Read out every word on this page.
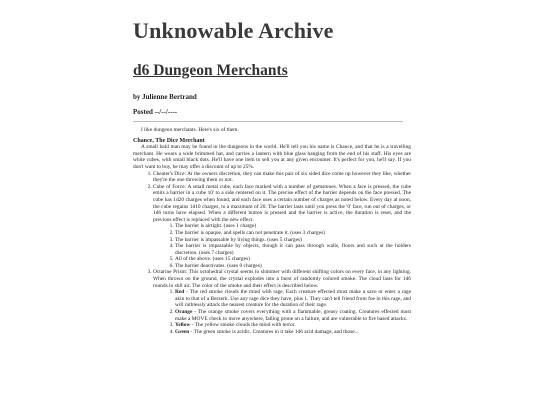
Unknowable Archive
d6 Dungeon Merchants

by Julienne Bertrand

Posted --/--/----

I like dungeon merchants. Here's six of them.

Chance, The Dice Merchant

A small bald man may be found in the dungeons in the world. He'll tell you his name is Chance, and that he is a travelling merchant. He wears a wide brimmed hat, and carries a lantern with blue glass hanging from the end of his staff. His eyes are white cubes, with small black dots. He'll have one item to sell you at any given encounter. It's perfect for you, he'll say. If you don't want to buy, he may offer a discount of up to 25%.

1. Cheater's Dice: At the owners discretion, they can make this pair of six sided dice come up however they like, whether they're the one throwing them or not.
2. Cube of Force: A small metal cube, each face marked with a number of gemstones. When a face is pressed, the cube emits a barrier in a cube 10' to a side centered on it. The precise effect of the barrier depends on the face pressed. The cube has 1d20 charges when found, and each face uses a certain number of charges as noted below. Every day at noon, the cube regains 1d10 charges, to a maximum of 20. The barrier lasts until you press the '0' face, run out of charges, or 1d6 turns have elapsed. When a different button is pressed and the barrier is active, the duration is reset, and the previous effect is replaced with the new effect.
1. The barrier is airtight. (uses 1 charge)
2. The barrier is opaque, and spells can not penetrate it. (uses 3 charges)
3. The barrier is impassable by living things. (uses 5 charges)
4. The barrier is impassable by objects, though it can pass through walls, floors and such at the holders discretion. (uses 7 charges)
5. All of the above. (uses 15 charges)
6. The barrier deactivates. (uses 0 charges)
3. Octarine Prism: This octohedral crystal seems to shimmer with different shifting colors on every face, in any lighting. When thrown on the ground, the crystal explodes into a burst of randomly colored smoke. The cloud lasts for 1d6 rounds in still air. The color of the smoke and their effect is described below.
1. Red - The red smoke clouds the mind with rage. Each creature effected must make a save or enter a rage akin to that of a Berzerk. Use any rage dice they have, plus 1. They can't tell friend from foe in this rage, and will ruthlessly attack the nearest creature for the duration of their rage.
2. Orange - The orange smoke covers everything with a flammable, greasy coating. Creatures effected must make a MOVE check to move anywhere, falling prone on a failure, and are vulnerable to fire based attacks.
3. Yellow - The yellow smoke clouds the mind with terror.
4. Green - The green smoke is acidic. Creatures in it take 1d6 acid damage, and those...
